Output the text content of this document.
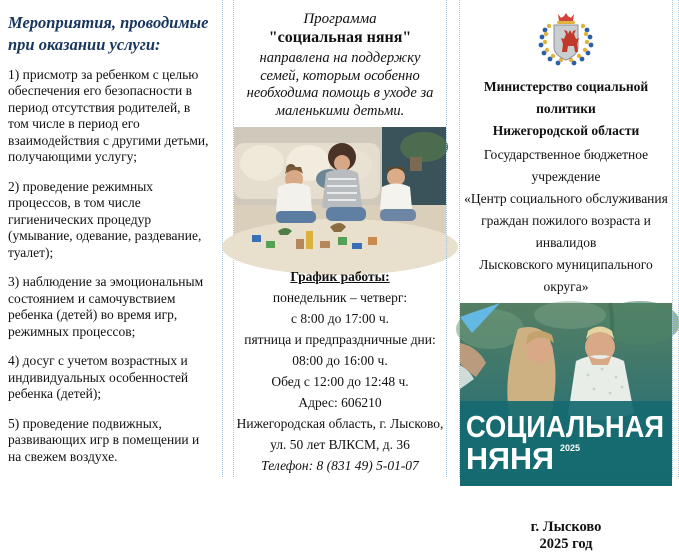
Мероприятия, проводимые при оказании услуги:

1) присмотр за ребенком с целью обеспечения его безопасности в период отсутствия родителей, в том числе в период его взаимодействия с другими детьми, получающими услугу;

2) проведение режимных процессов, в том числе гигиенических процедур (умывание, одевание, раздевание, туалет);

3) наблюдение за эмоциональным состоянием и самочувствием ребенка (детей) во время игр, режимных процессов;

4) досуг с учетом возрастных и индивидуальных особенностей ребенка (детей);

5) проведение подвижных, развивающих игр в помещении и на свежем воздухе.

Программа

"социальная няня"

направлена на поддержку семей, которым особенно необходима помощь в уходе за маленькими детьми.

График работы:

понедельник – четверг:

с 8:00 до 17:00 ч.

пятница и предпраздничные дни:

08:00 до 16:00 ч.

Обед с 12:00 до 12:48 ч.

Адрес: 606210

Нижегородская область, г. Лысково,

ул. 50 лет ВЛКСМ, д. 36

Телефон: 8 (831 49) 5-01-07

Министерство социальной политики
Нижегородской области

Государственное бюджетное учреждение
«Центр социального обслуживания
граждан пожилого возраста и инвалидов
Лысковского муниципального округа»

СОЦИАЛЬНАЯ
НЯНЯ 2025

г. Лысково
2025 год
